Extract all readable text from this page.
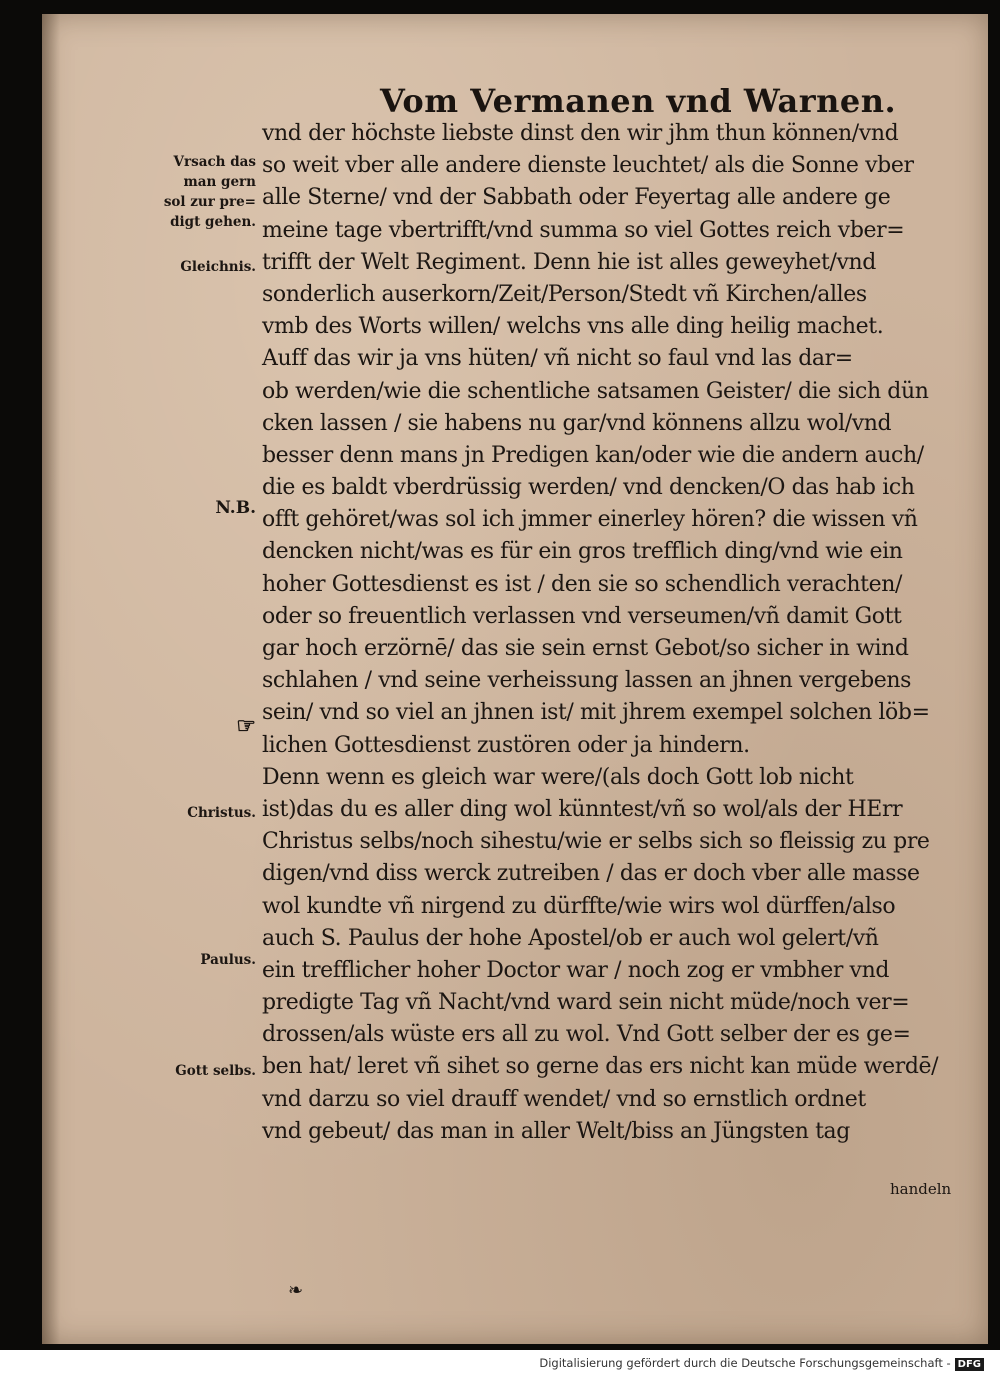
Vom Vermanen vnd Warnen.
vnd der höchste liebste dinst den wir jhm thun können/vnd
so weit vber alle andere dienste leuchtet/ als die Sonne vber
alle Sterne/ vnd der Sabbath oder Feyertag alle andere ge
meine tage vbertrifft/vnd summa so viel Gottes reich vber=
trifft der Welt Regiment. Denn hie ist alles geweyhet/vnd
sonderlich auserkorn/Zeit/Person/Stedt vñ Kirchen/alles
vmb des Worts willen/ welchs vns alle ding heilig machet.
Auff das wir ja vns hüten/ vñ nicht so faul vnd las dar=
ob werden/wie die schentliche satsamen Geister/ die sich dün
cken lassen / sie habens nu gar/vnd könnens allzu wol/vnd
besser denn mans jn Predigen kan/oder wie die andern auch/
die es baldt vberdrüssig werden/ vnd dencken/O das hab ich
offt gehöret/was sol ich jmmer einerley hören? die wissen vñ
dencken nicht/was es für ein gros trefflich ding/vnd wie ein
hoher Gottesdienst es ist / den sie so schendlich verachten/
oder so freuentlich verlassen vnd verseumen/vñ damit Gott
gar hoch erzörnē/ das sie sein ernst Gebot/so sicher in wind
schlahen / vnd seine verheissung lassen an jhnen vergebens
sein/ vnd so viel an jhnen ist/ mit jhrem exempel solchen löb=
lichen Gottesdienst zustören oder ja hindern.
Denn wenn es gleich war were/(als doch Gott lob nicht
ist)das du es aller ding wol künntest/vñ so wol/als der HErr
Christus selbs/noch sihestu/wie er selbs sich so fleissig zu pre
digen/vnd diss werck zutreiben / das er doch vber alle masse
wol kundte vñ nirgend zu dürffte/wie wirs wol dürffen/also
auch S. Paulus der hohe Apostel/ob er auch wol gelert/vñ
ein trefflicher hoher Doctor war / noch zog er vmbher vnd
predigte Tag vñ Nacht/vnd ward sein nicht müde/noch ver=
drossen/als wüste ers all zu wol. Vnd Gott selber der es ge=
ben hat/ leret vñ sihet so gerne das ers nicht kan müde werdē/
vnd darzu so viel drauff wendet/ vnd so ernstlich ordnet
vnd gebeut/ das man in aller Welt/biss an Jüngsten tag
Vrsach das
man gern
sol zur pre=
digt gehen.
Gleichnis.
N.B.
☞
Christus.
Paulus.
Gott selbs.
handeln
❧
Digitalisierung gefördert durch die Deutsche Forschungsgemeinschaft - DFG
